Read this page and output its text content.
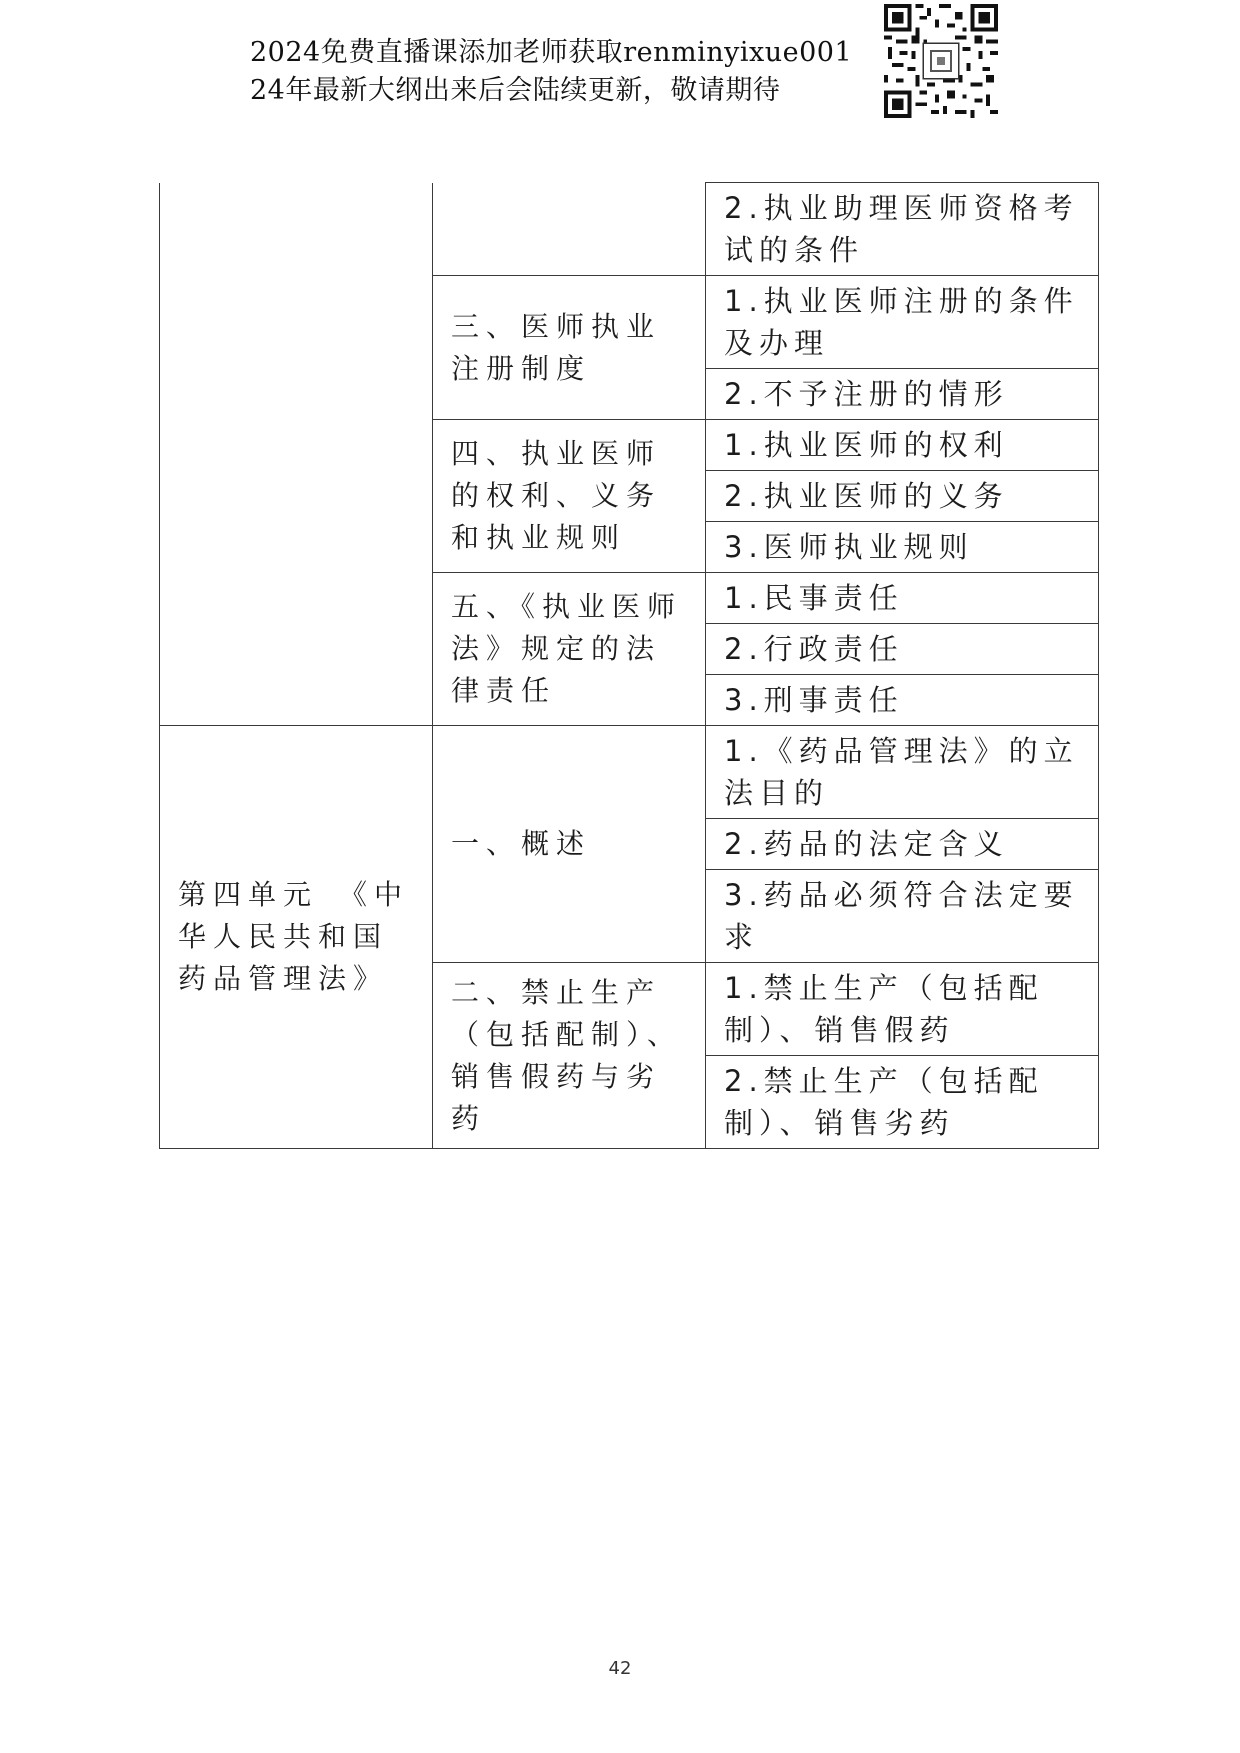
2024免费直播课添加老师获取renminyixue001
24年最新大纲出来后会陆续更新，敬请期待
		2.执业助理医师资格考试的条件
	三、医师执业注册制度	1.执业医师注册的条件及办理
		2.不予注册的情形
	四、执业医师的权利、义务和执业规则	1.执业医师的权利
		2.执业医师的义务
		3.医师执业规则
	五、《执业医师法》规定的法律责任	1.民事责任
		2.行政责任
		3.刑事责任
第四单元　《中华人民共和国药品管理法》	一、概述	1.《药品管理法》的立法目的
		2.药品的法定含义
		3.药品必须符合法定要求
	二、禁止生产（包括配制）、销售假药与劣药	1.禁止生产（包括配制）、销售假药
		2.禁止生产（包括配制）、销售劣药
42
